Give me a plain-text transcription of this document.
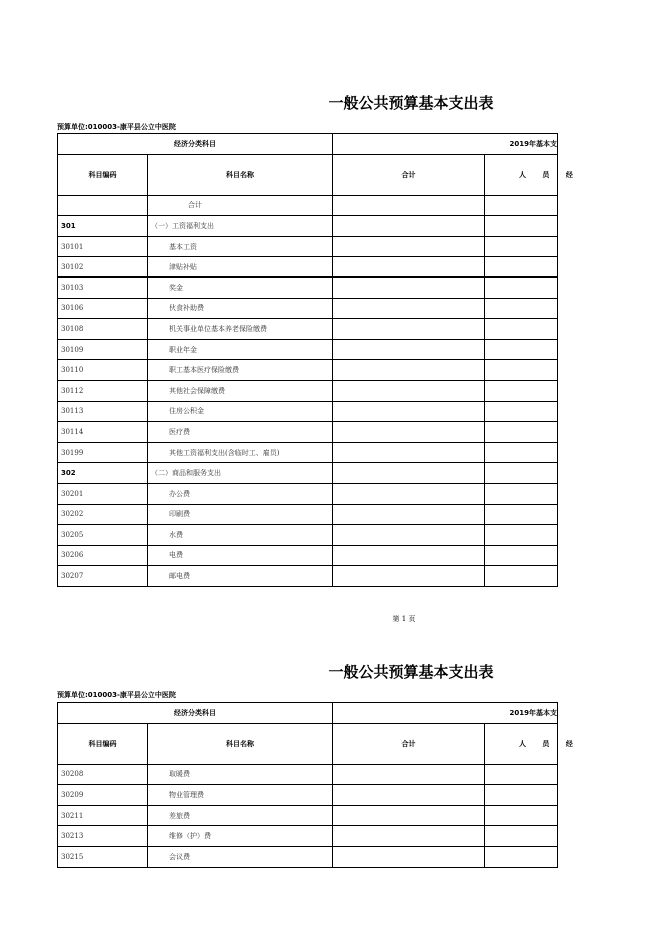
一般公共预算基本支出表
预算单位:010003-康平县公立中医院
经济分类科目		2019年基本支	
科目编码	科目名称	合计	人 员 经
	合计		
301	（一）工资福利支出		
30101	基本工资		
30102	津贴补贴		
30103	奖金		
30106	伙食补助费		
30108	机关事业单位基本养老保险缴费		
30109	职业年金		
30110	职工基本医疗保险缴费		
30112	其他社会保障缴费		
30113	住房公积金		
30114	医疗费		
30199	其他工资福利支出(含临时工、雇员)		
302	（二）商品和服务支出		
30201	办公费		
30202	印刷费		
30205	水费		
30206	电费		
30207	邮电费		
第 1 页
一般公共预算基本支出表
预算单位:010003-康平县公立中医院
经济分类科目		2019年基本支	
科目编码	科目名称	合计	人 员 经
30208	取暖费		
30209	物业管理费		
30211	差旅费		
30213	维修（护）费		
30215	会议费		
